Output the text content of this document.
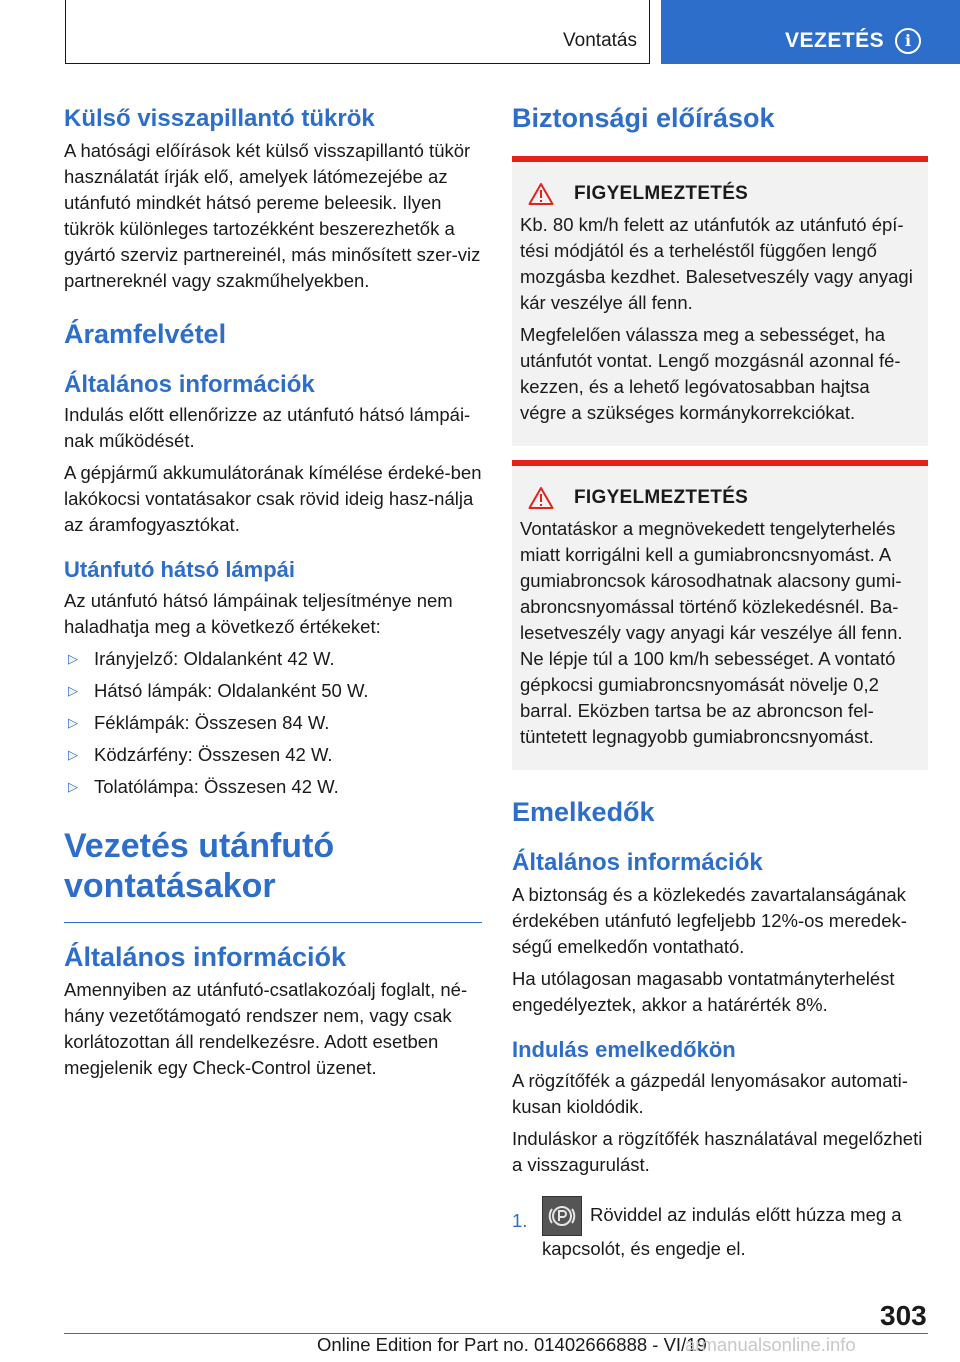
Vontatás	VEZETÉS	i
Külső visszapillantó tükrök

A hatósági előírások két külső visszapillantó tükör használatát írják elő, amelyek látómezejébe az utánfutó mindkét hátsó pereme beleesik. Ilyen tükrök különleges tartozékként beszerezhetők a gyártó szerviz partnereinél, más minősített szer-viz partnereknél vagy szakműhelyekben.

Áramfelvétel
Általános információk

Indulás előtt ellenőrizze az utánfutó hátsó lámpái-nak működését.

A gépjármű akkumulátorának kímélése érdeké-ben lakókocsi vontatásakor csak rövid ideig hasz-nálja az áramfogyasztókat.

Utánfutó hátsó lámpái

Az utánfutó hátsó lámpáinak teljesítménye nem haladhatja meg a következő értékeket:

▷ Irányjelző: Oldalanként 42 W.
▷ Hátsó lámpák: Oldalanként 50 W.
▷ Féklámpák: Összesen 84 W.
▷ Ködzárfény: Összesen 42 W.
▷ Tolatólámpa: Összesen 42 W.
Vezetés utánfutó vontatásakor
Általános információk

Amennyiben az utánfutó-csatlakozóalj foglalt, né-hány vezetőtámogató rendszer nem, vagy csak korlátozottan áll rendelkezésre. Adott esetben megjelenik egy Check-Control üzenet.

Biztonsági előírások
FIGYELMEZTETÉS

Kb. 80 km/h felett az utánfutók az utánfutó épí-tési módjától és a terheléstől függően lengő mozgásba kezdhet. Balesetveszély vagy anyagi kár veszélye áll fenn.

Megfelelően válassza meg a sebességet, ha utánfutót vontat. Lengő mozgásnál azonnal fé-kezzen, és a lehető legóvatosabban hajtsa végre a szükséges kormánykorrekciókat.

FIGYELMEZTETÉS

Vontatáskor a megnövekedett tengelyterhelés miatt korrigálni kell a gumiabroncsnyomást. A gumiabroncsok károsodhatnak alacsony gumi-abroncsnyomással történő közlekedésnél. Ba-lesetveszély vagy anyagi kár veszélye áll fenn. Ne lépje túl a 100 km/h sebességet. A vontató gépkocsi gumiabroncsnyomását növelje 0,2 barral. Eközben tartsa be az abroncson fel-tüntetett legnagyobb gumiabroncsnyomást.

Emelkedők
Általános információk

A biztonság és a közlekedés zavartalanságának érdekében utánfutó legfeljebb 12%-os meredek-ségű emelkedőn vontatható.

Ha utólagosan magasabb vontatmányterhelést engedélyeztek, akkor a határérték 8%.

Indulás emelkedőkön

A rögzítőfék a gázpedál lenyomásakor automati-kusan kioldódik.

Induláskor a rögzítőfék használatával megelőzheti a visszagurulást.

1.	Röviddel az indulás előtt húzza meg a kapcsolót, és engedje el.
303
Online Edition for Part no. 01402666888 - VI/19
armanualsonline.info
